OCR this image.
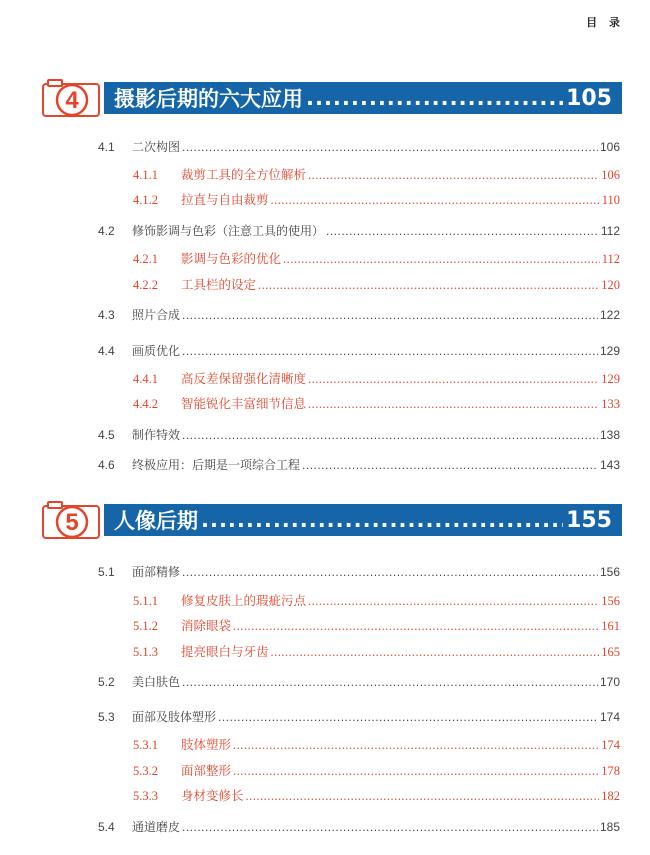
目 录
4 摄影后期的六大应用 .....	105
4.1	二次构图 .....	106
4.1.1	裁剪工具的全方位解析 .....	106
4.1.2	拉直与自由裁剪 .....	110
4.2	修饰影调与色彩（注意工具的使用） .....	112
4.2.1	影调与色彩的优化 .....	112
4.2.2	工具栏的设定 .....	120
4.3	照片合成 .....	122
4.4	画质优化 .....	129
4.4.1	高反差保留强化清晰度 .....	129
4.4.2	智能锐化丰富细节信息 .....	133
4.5	制作特效 .....	138
4.6	终极应用：后期是一项综合工程 .....	143
5 人像后期 .....	155
5.1	面部精修 .....	156
5.1.1	修复皮肤上的瑕疵污点 .....	156
5.1.2	消除眼袋 .....	161
5.1.3	提亮眼白与牙齿 .....	165
5.2	美白肤色 .....	170
5.3	面部及肢体塑形 .....	174
5.3.1	肢体塑形 .....	174
5.3.2	面部整形 .....	178
5.3.3	身材变修长 .....	182
5.4	通道磨皮 .....	185
